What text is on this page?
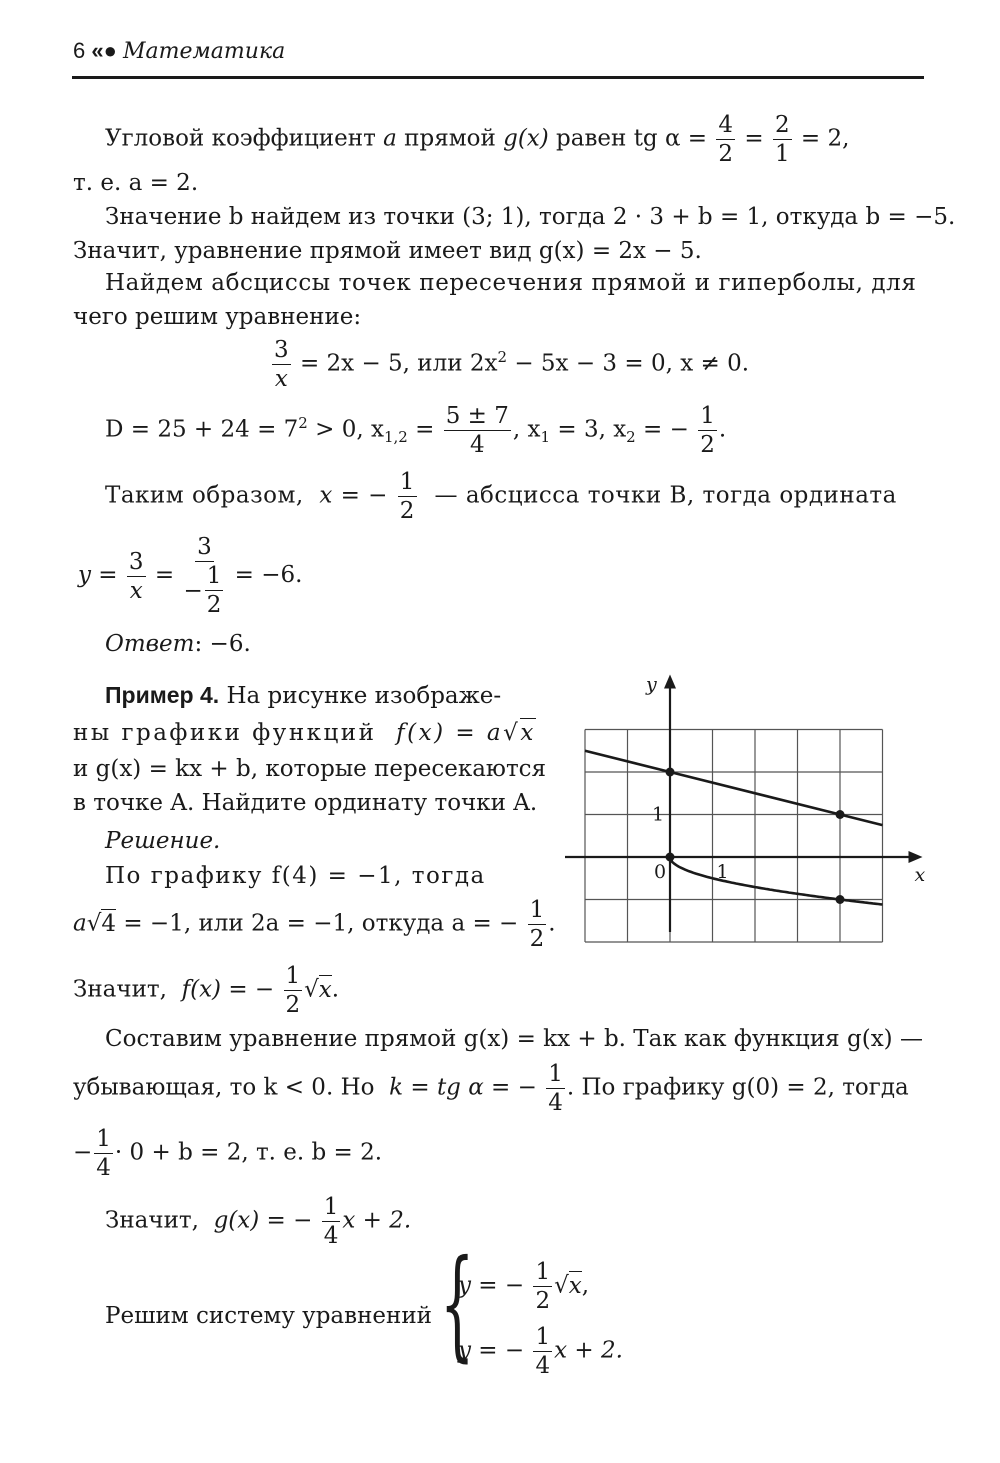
6 «● Математика
Угловой коэффициент a прямой g(x) равен tg $\alpha = \frac{4}{2} = \frac{2}{1} = 2$,
т. е. a = 2.
Значение b найдем из точки (3; 1), тогда 2 · 3 + b = 1, откуда b = −5.
Значит, уравнение прямой имеет вид g(x) = 2x − 5.
Найдем абсциссы точек пересечения прямой и гиперболы, для
чего решим уравнение:
$\frac{3}{x} = 2x - 5$, или $2x^2 - 5x - 3 = 0$, x ≠ 0.
$D = 25 + 24 = 7^2 > 0$, $x_{1,2} = \frac{5 \pm 7}{4}$ , $x_1 = 3$, $x_2$ = − $\frac{1}{2}$ .
Таким образом, x = − $\frac{1}{2}$ — абсцисса точки B, тогда ордината
$y = \frac{3}{x} = \frac{3}{- \frac{1}{2}} = -6$.
Ответ: −6.
Пример 4. На рисунке изображе-
ны графики функций f(x) = a√x
и g(x) = kx + b, которые пересекаются
в точке A. Найдите ординату точки A.
Решение.
По графику f(4) = −1, тогда
a√4 = −1, или 2a = −1, откуда a = − $\frac{1}{2}$ .
Значит, f(x) = − $\frac{1}{2} √x$.
Составим уравнение прямой g(x) = kx + b. Так как функция g(x) —
убывающая, то k < 0. Но k = tg α = − $\frac{1}{4}$ . По графику g(0) = 2, тогда
− $\frac{1}{4} \cdot 0 + b = 2$, т. е. b = 2.
Значит, g(x) = − $\frac{1}{4}$ x + 2.
Решим систему уравнений {
y = − $\frac{1}{2} √x$,
y = − $\frac{1}{4}$ x + 2.
x
y
0	1
1
